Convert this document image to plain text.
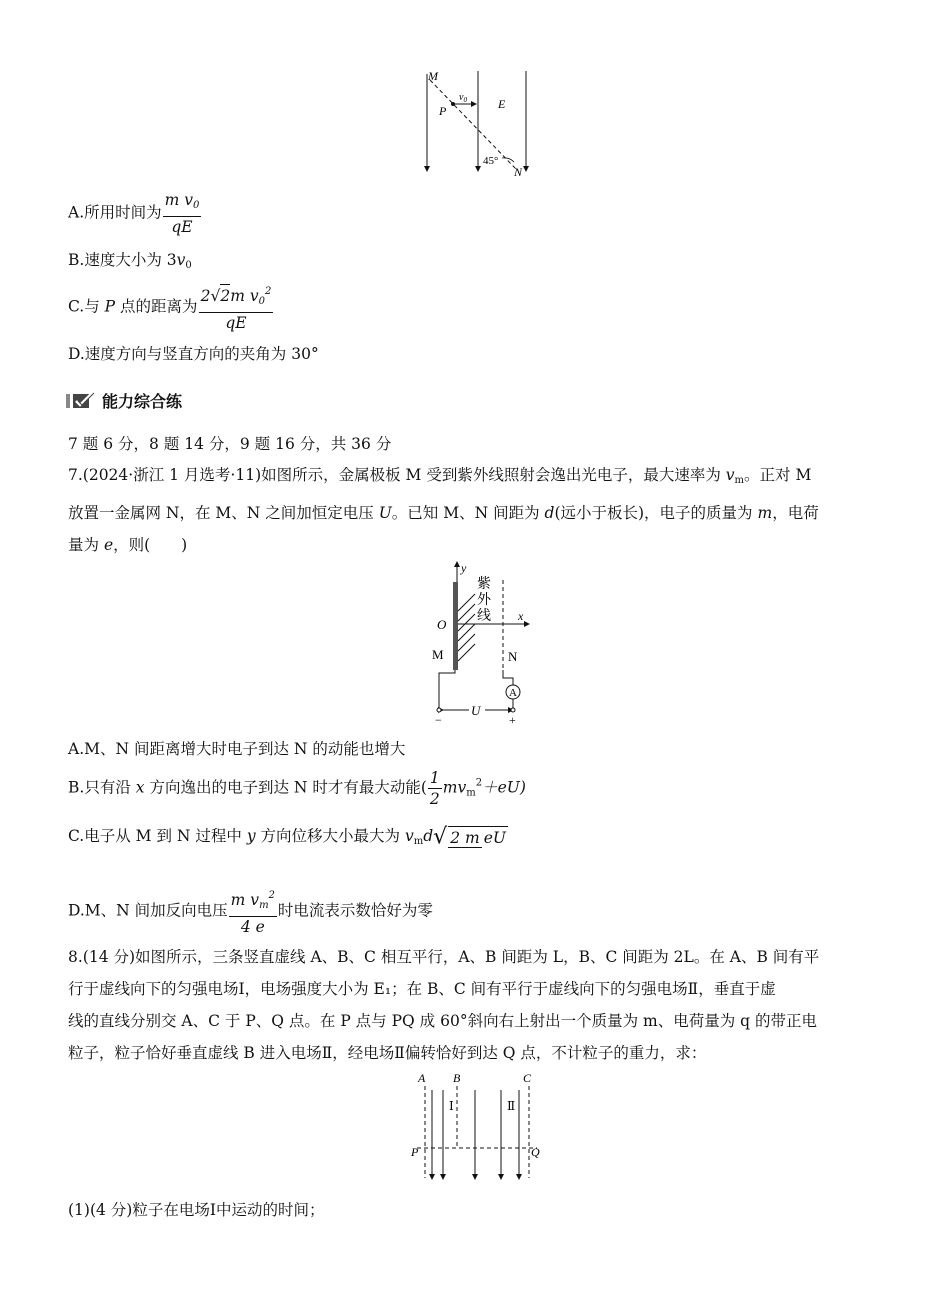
M
P
$v_0$	E
45°
N
A.所用时间为 $\frac{m v_0}{qE}$
B.速度大小为 $3v_0$
C.与 P 点的距离为 $\frac{2√2m v_0^2}{qE}$
D.速度方向与竖直方向的夹角为 30°
能力综合练
7 题 6 分，8 题 14 分，9 题 16 分，共 36 分
7.(2024·浙江 1 月选考·11)如图所示，金属极板 M 受到紫外线照射会逸出光电子，最大速率为 $v_m$。正对 M
放置一金属网 N，在 M、N 之间加恒定电压 U。已知 M、N 间距为 d(远小于板长)，电子的质量为 m，电荷
量为 e，则(　　)
y
x
O
M	N
紫
外
线
A
U
−	+
A.M、N 间距离增大时电子到达 N 的动能也增大
B.只有沿 x 方向逸出的电子到达 N 时才有最大动能( $\frac{1}{2} mv_m^2+eU$)
C.电子从 M 到 N 过程中 y 方向位移大小最大为 $v_md√$ 2 m eU
D.M、N 间加反向电压 $\frac{m v_m^2}{4 e}$ 时电流表示数恰好为零
8.(14 分)如图所示，三条竖直虚线 A、B、C 相互平行，A、B 间距为 L，B、C 间距为 2L。在 A、B 间有平
行于虚线向下的匀强电场Ⅰ，电场强度大小为 E₁；在 B、C 间有平行于虚线向下的匀强电场Ⅱ，垂直于虚
线的直线分别交 A、C 于 P、Q 点。在 P 点与 PQ 成 60°斜向右上射出一个质量为 m、电荷量为 q 的带正电
粒子，粒子恰好垂直虚线 B 进入电场Ⅱ，经电场Ⅱ偏转恰好到达 Q 点，不计粒子的重力，求：
A B	C
Ⅰ	Ⅱ
P	Q
(1)(4 分)粒子在电场Ⅰ中运动的时间；
